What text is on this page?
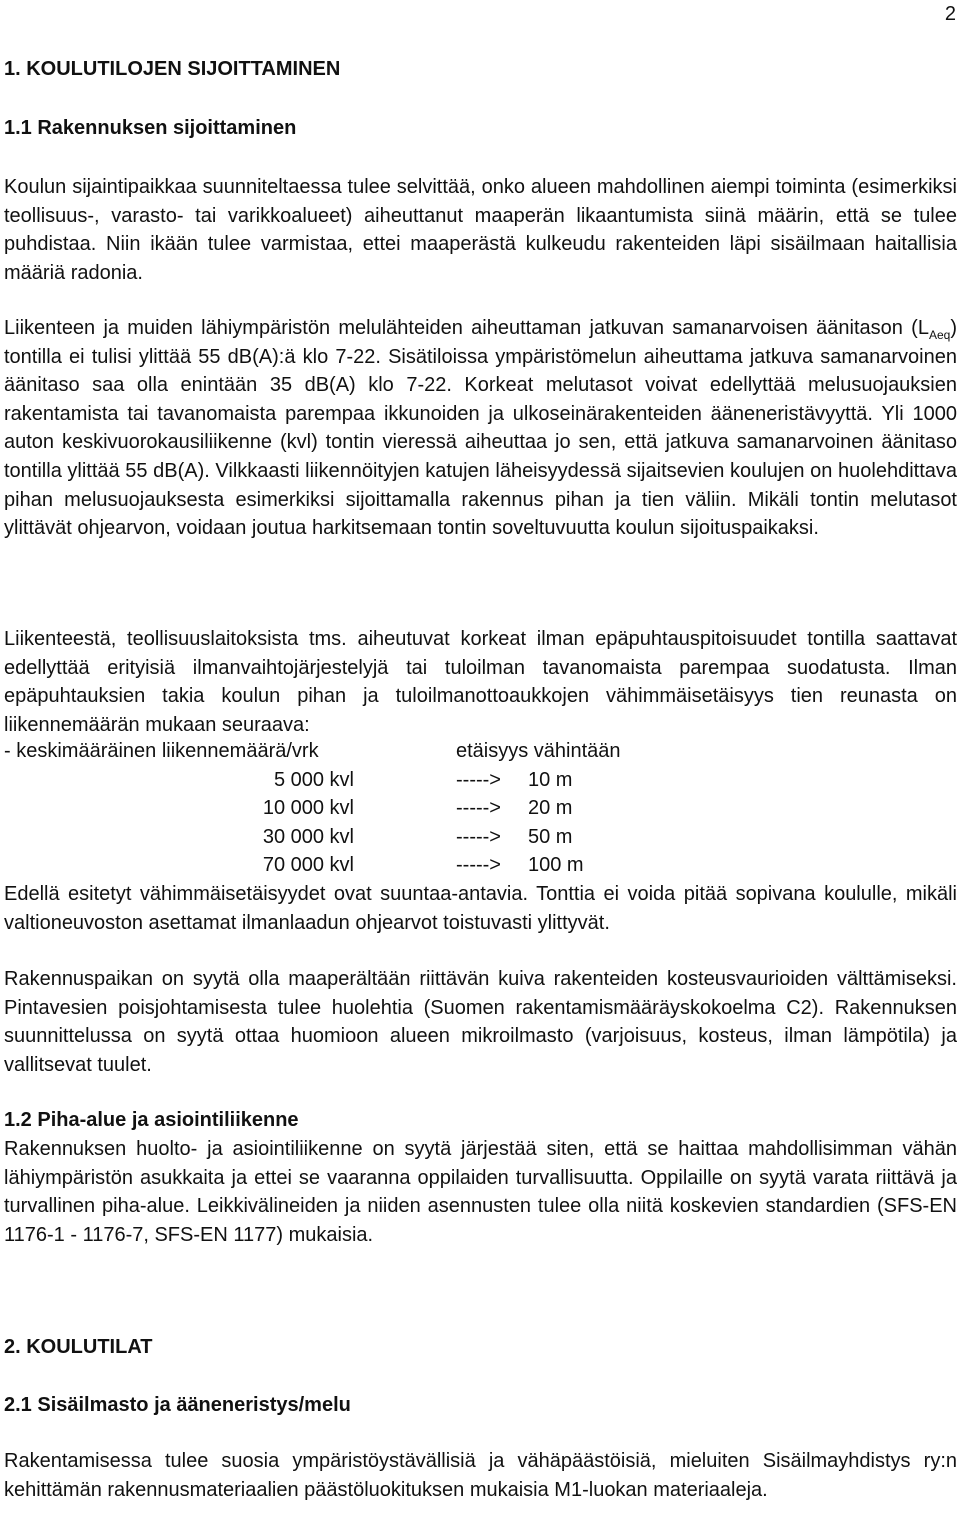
2
1. KOULUTILOJEN SIJOITTAMINEN
1.1 Rakennuksen sijoittaminen

Koulun sijaintipaikkaa suunniteltaessa tulee selvittää, onko alueen mahdollinen aiempi toiminta (esimerkiksi teollisuus-, varasto- tai varikkoalueet) aiheuttanut maaperän likaantumista siinä määrin, että se tulee puhdistaa. Niin ikään tulee varmistaa, ettei maaperästä kulkeudu rakenteiden läpi sisäilmaan haitallisia määriä radonia.

Liikenteen ja muiden lähiympäristön melulähteiden aiheuttaman jatkuvan samanarvoisen äänitason $(L_{Aeq})$ tontilla ei tulisi ylittää 55 dB(A):ä klo 7-22. Sisätiloissa ympäristömelun aiheuttama jatkuva samanarvoinen äänitaso saa olla enintään 35 dB(A) klo 7-22. Korkeat melutasot voivat edellyttää melusuojauksien rakentamista tai tavanomaista parempaa ikkunoiden ja ulkoseinärakenteiden ääneneristävyyttä. Yli 1000 auton keskivuorokausiliikenne (kvl) tontin vieressä aiheuttaa jo sen, että jatkuva samanarvoinen äänitaso tontilla ylittää 55 dB(A). Vilkkaasti liikennöityjen katujen läheisyydessä sijaitsevien koulujen on huolehdittava pihan melusuojauksesta esimerkiksi sijoittamalla rakennus pihan ja tien väliin. Mikäli tontin melutasot ylittävät ohjearvon, voidaan joutua harkitsemaan tontin soveltuvuutta koulun sijoituspaikaksi.

Liikenteestä, teollisuuslaitoksista tms. aiheutuvat korkeat ilman epäpuhtauspitoisuudet tontilla saattavat edellyttää erityisiä ilmanvaihtojärjestelyjä tai tuloilman tavanomaista parempaa suodatusta. Ilman epäpuhtauksien takia koulun pihan ja tuloilmanottoaukkojen vähimmäisetäisyys tien reunasta on liikennemäärän mukaan seuraava:

- keskimääräinen liikennemäärä/vrk	etäisyys vähintään
5 000 kvl	-----> 10 m
10 000 kvl	-----> 20 m
30 000 kvl	-----> 50 m
70 000 kvl	-----> 100 m

Edellä esitetyt vähimmäisetäisyydet ovat suuntaa-antavia. Tonttia ei voida pitää sopivana koululle, mikäli valtioneuvoston asettamat ilmanlaadun ohjearvot toistuvasti ylittyvät.

Rakennuspaikan on syytä olla maaperältään riittävän kuiva rakenteiden kosteusvaurioiden välttämiseksi. Pintavesien poisjohtamisesta tulee huolehtia (Suomen rakentamismääräyskokoelma C2). Rakennuksen suunnittelussa on syytä ottaa huomioon alueen mikroilmasto (varjoisuus, kosteus, ilman lämpötila) ja vallitsevat tuulet.

1.2 Piha-alue ja asiointiliikenne

Rakennuksen huolto- ja asiointiliikenne on syytä järjestää siten, että se haittaa mahdollisimman vähän lähiympäristön asukkaita ja ettei se vaaranna oppilaiden turvallisuutta. Oppilaille on syytä varata riittävä ja turvallinen piha-alue. Leikkivälineiden ja niiden asennusten tulee olla niitä koskevien standardien (SFS-EN 1176-1 - 1176-7, SFS-EN 1177) mukaisia.

2. KOULUTILAT
2.1 Sisäilmasto ja ääneneristys/melu

Rakentamisessa tulee suosia ympäristöystävällisiä ja vähäpäästöisiä, mieluiten Sisäilmayhdistys ry:n kehittämän rakennusmateriaalien päästöluokituksen mukaisia M1-luokan materiaaleja.
